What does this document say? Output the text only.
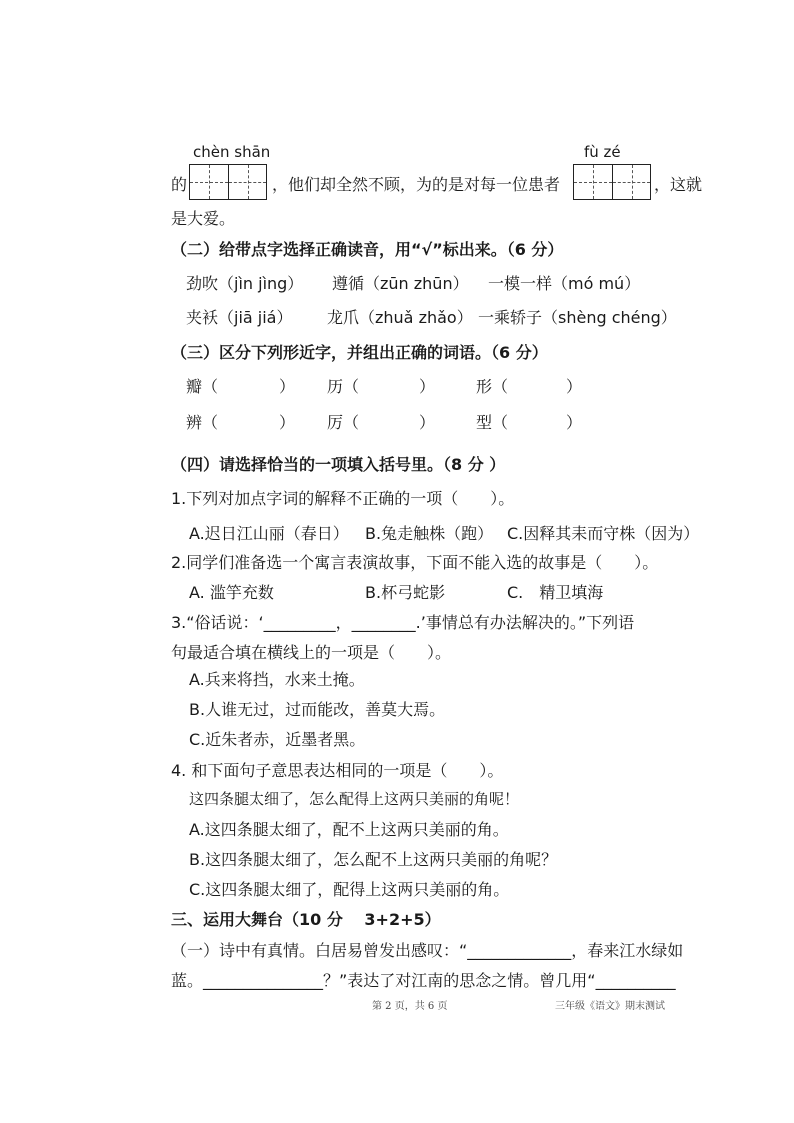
chèn shān	fù zé
的	，他们却全然不顾，为的是对每一位患者	，这就
是大爱。
（二）给带点字选择正确读音，用“√”标出来。（6 分）
劲吹（jìn jìng） 遵循（zūn zhūn） 一模一样（mó mú）
夹袄（jiā jiá） 龙爪（zhuǎ zhǎo） 一乘轿子（shèng chéng）
（三）区分下列形近字，并组出正确的词语。（6 分）
瓣（	） 历（	）	形（	）
辨（	） 厉（	）	型（	）
（四）请选择恰当的一项填入括号里。（8 分 ）
1.下列对加点字词的解释不正确的一项（　　）。
A.迟日江山丽（春日） B.兔走触株（跑） C.因释其耒而守株（因为）
2.同学们准备选一个寓言表演故事，下面不能入选的故事是（　　）。
A. 滥竽充数	B.杯弓蛇影	C.　精卫填海
3.“俗话说：‘_________，________.’事情总有办法解决的。”下列语
句最适合填在横线上的一项是（　　）。
A.兵来将挡，水来土掩。
B.人谁无过，过而能改，善莫大焉。
C.近朱者赤，近墨者黑。
4. 和下面句子意思表达相同的一项是（　　）。
这四条腿太细了，怎么配得上这两只美丽的角呢！
A.这四条腿太细了，配不上这两只美丽的角。
B.这四条腿太细了，怎么配不上这两只美丽的角呢？
C.这四条腿太细了，配得上这两只美丽的角。
三、运用大舞台（10 分　 3+2+5）
（一）诗中有真情。白居易曾发出感叹：“_____________，春来江水绿如
蓝。_______________？”表达了对江南的思念之情。曾几用“__________
第 2 页，共 6 页	三年级《语文》期末测试
